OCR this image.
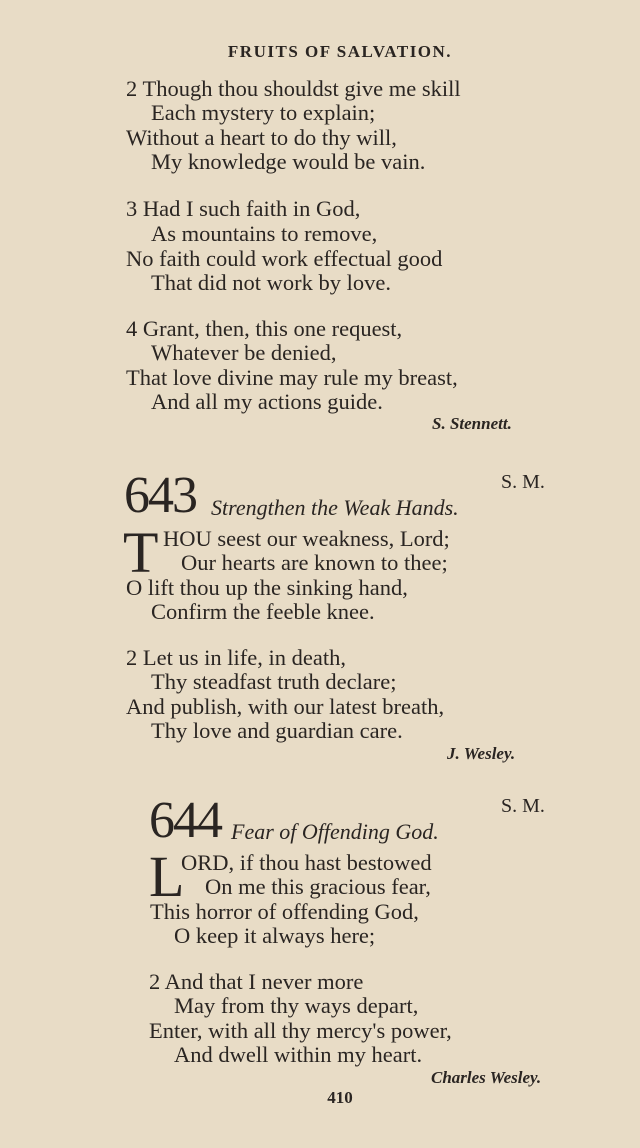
FRUITS OF SALVATION.
2 Though thou shouldst give me skill
Each mystery to explain;
Without a heart to do thy will,
My knowledge would be vain.
3 Had I such faith in God,
As mountains to remove,
No faith could work effectual good
That did not work by love.
4 Grant, then, this one request,
Whatever be denied,
That love divine may rule my breast,
And all my actions guide.
S. Stennett.
643	S. M.
Strengthen the Weak Hands.
T HOU seest our weakness, Lord;
Our hearts are known to thee;
O lift thou up the sinking hand,
Confirm the feeble knee.
2 Let us in life, in death,
Thy steadfast truth declare;
And publish, with our latest breath,
Thy love and guardian care.
J. Wesley.
644	S. M.
Fear of Offending God.
L
ORD, if thou hast bestowed
On me this gracious fear,
This horror of offending God,
O keep it always here;
2 And that I never more
May from thy ways depart,
Enter, with all thy mercy's power,
And dwell within my heart.
Charles Wesley.
410
